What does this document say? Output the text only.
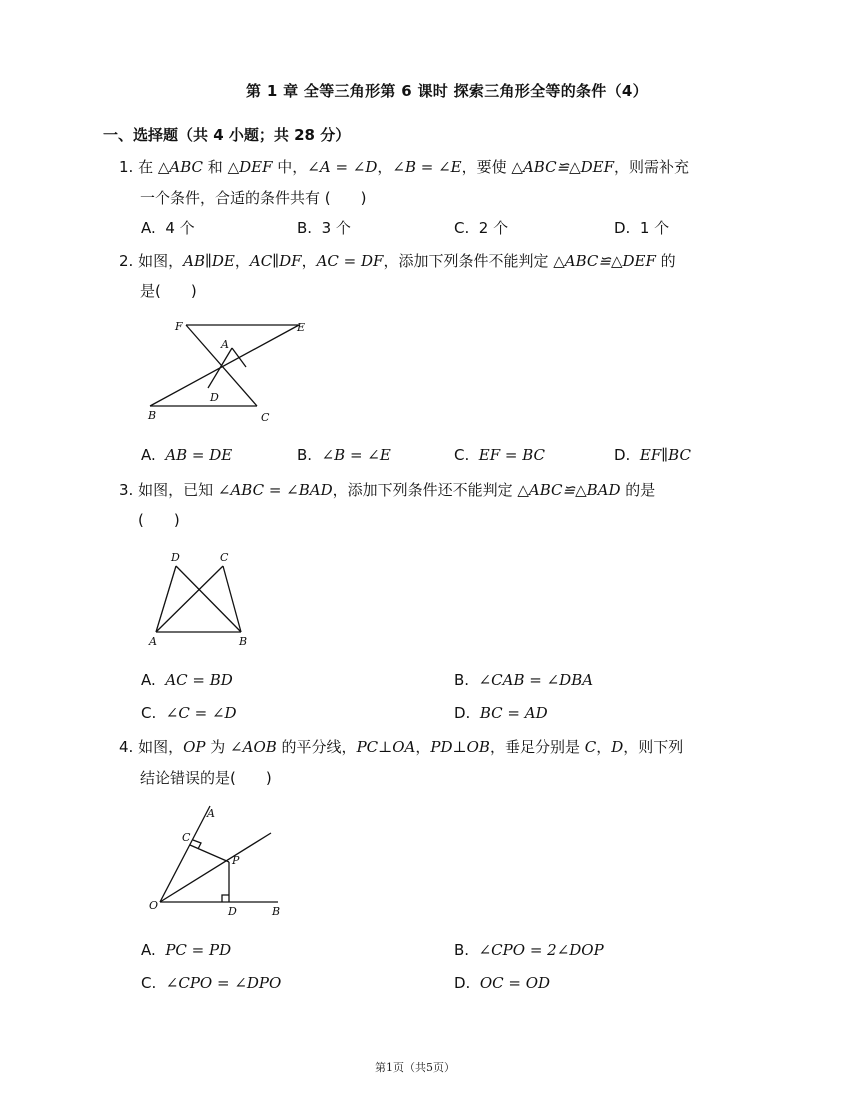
第 1 章 全等三角形第 6 课时 探索三角形全等的条件（4）
一、选择题（共 4 小题；共 28 分）
1. 在 △ABC 和 △DEF 中，∠A = ∠D，∠B = ∠E，要使 △ABC≌△DEF，则需补充
一个条件，合适的条件共有 (　　)
A. 4 个	B. 3 个	C. 2 个	D. 1 个
2. 如图，AB∥DE，AC∥DF，AC = DF，添加下列条件不能判定 △ABC≌△DEF 的
是(　　)
F	E
A
D
B	C
A. AB = DE	B. ∠B = ∠E	C. EF = BC	D. EF∥BC
3. 如图，已知 ∠ABC = ∠BAD，添加下列条件还不能判定 △ABC≌△BAD 的是
(　　)
D	C
A	B
A. AC = BD	B. ∠CAB = ∠DBA
C. ∠C = ∠D	D. BC = AD
4. 如图，OP 为 ∠AOB 的平分线，PC⊥OA，PD⊥OB，垂足分别是 C，D，则下列
结论错误的是(　　)
A
C
P
O	D	B
A. PC = PD	B. ∠CPO = 2∠DOP
C. ∠CPO = ∠DPO	D. OC = OD
第1页（共5页）
